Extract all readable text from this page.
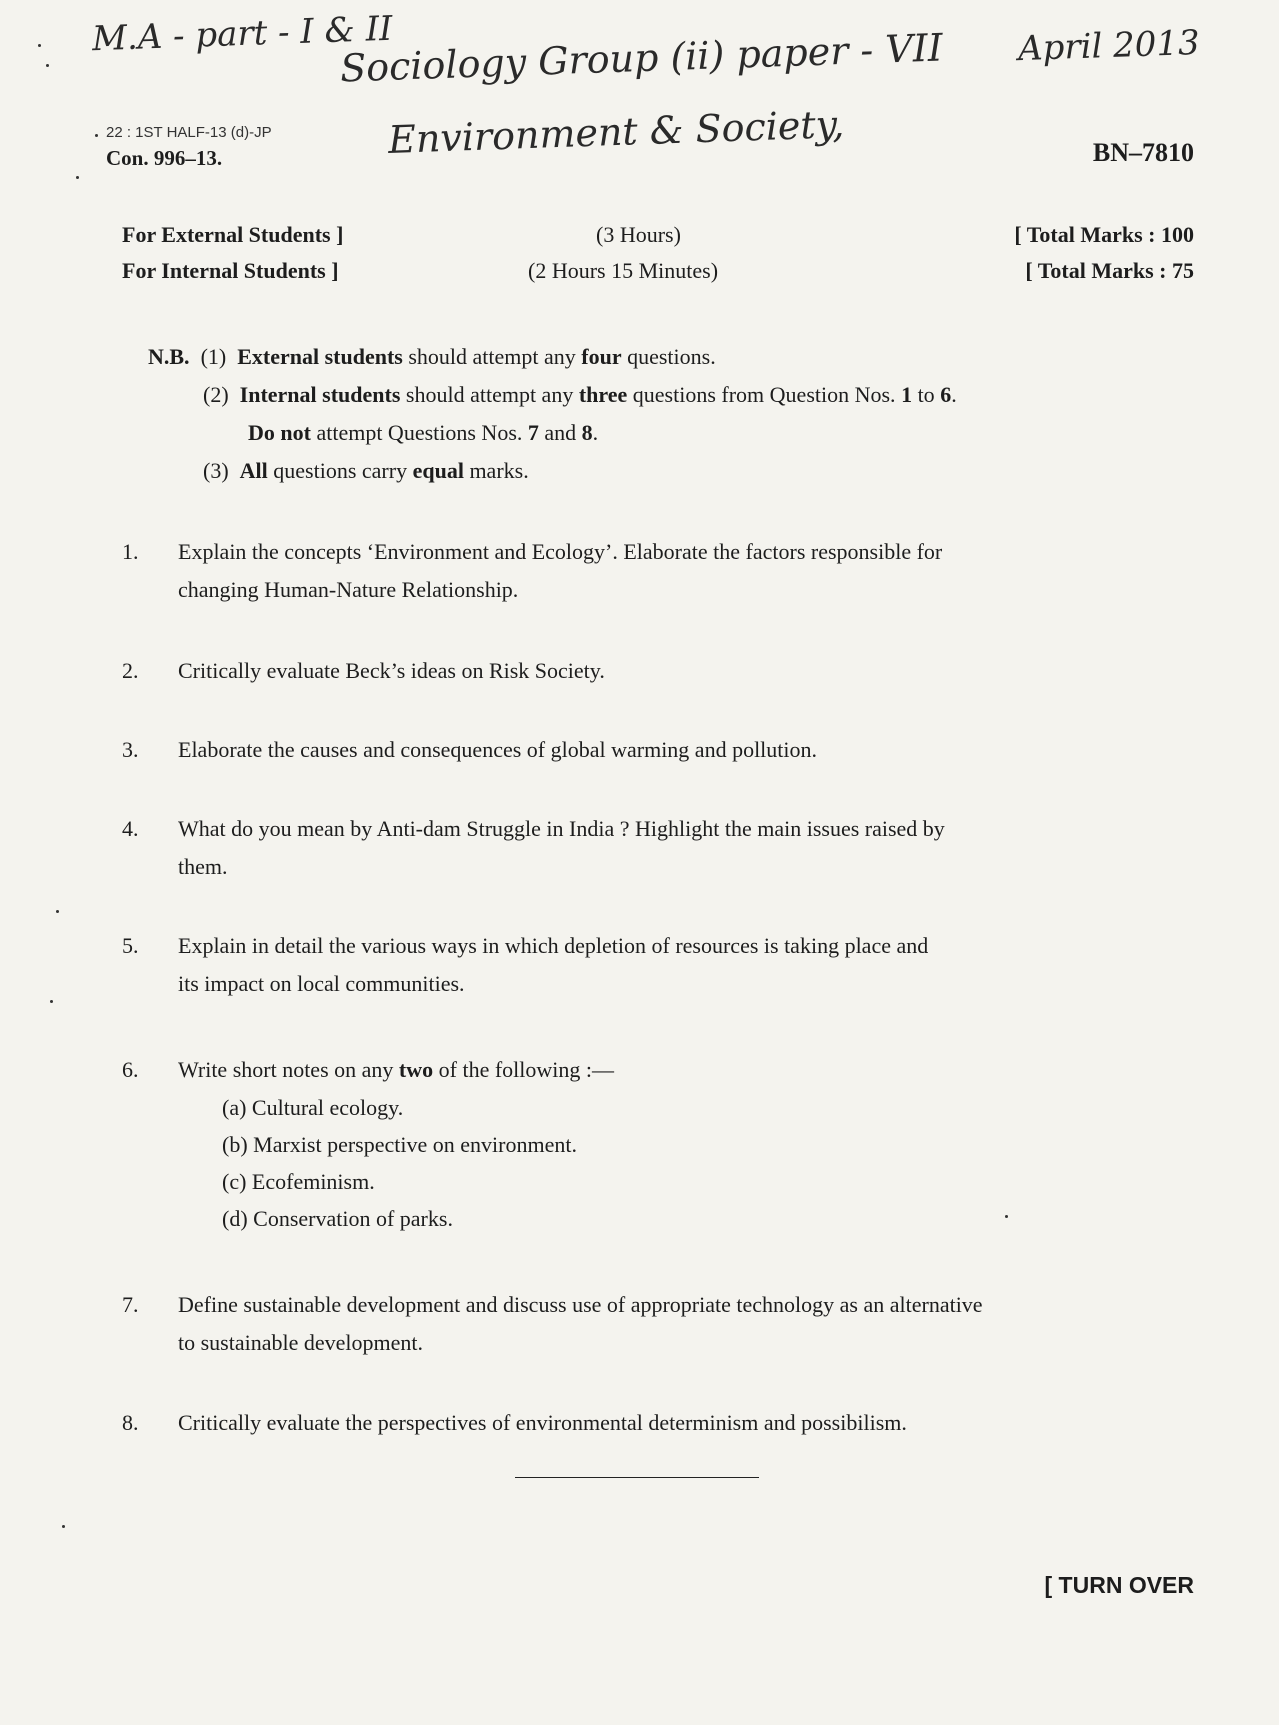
M.A - part - I & II
Sociology Group (ii) paper - VII April 2013
Environment & Society,
22 : 1ST HALF-13 (d)-JP
Con. 996–13.	BN–7810
For External Students ]	(3 Hours)	[ Total Marks : 100
For Internal Students ]	(2 Hours 15 Minutes)	[ Total Marks : 75
N.B. (1) External students should attempt any four questions.
(2) Internal students should attempt any three questions from Question Nos. 1 to 6.
Do not attempt Questions Nos. 7 and 8.
(3) All questions carry equal marks.
1. Explain the concepts ‘Environment and Ecology’. Elaborate the factors responsible for
changing Human-Nature Relationship.
2. Critically evaluate Beck’s ideas on Risk Society.
3. Elaborate the causes and consequences of global warming and pollution.
4. What do you mean by Anti-dam Struggle in India ? Highlight the main issues raised by
them.
5. Explain in detail the various ways in which depletion of resources is taking place and
its impact on local communities.
6. Write short notes on any two of the following :—
(a) Cultural ecology.
(b) Marxist perspective on environment.
(c) Ecofeminism.
(d) Conservation of parks.
7. Define sustainable development and discuss use of appropriate technology as an alternative
to sustainable development.
8. Critically evaluate the perspectives of environmental determinism and possibilism.
[ TURN OVER
